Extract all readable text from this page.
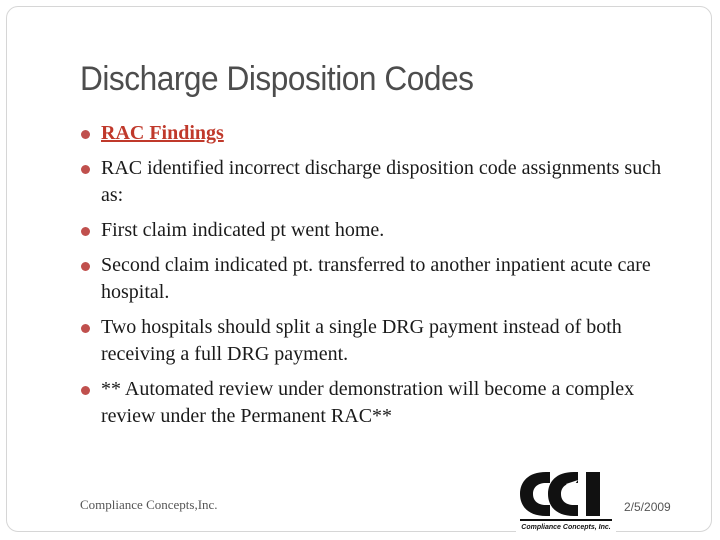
Discharge Disposition Codes
RAC Findings
RAC identified incorrect discharge disposition code assignments such as:
First claim indicated pt went home.
Second claim indicated pt. transferred to another inpatient acute care hospital.
Two hospitals should split a single DRG payment instead of both receiving a full DRG payment.
** Automated review under demonstration will become a complex review under the Permanent RAC**
Compliance Concepts,Inc.
Compliance Concepts, Inc.
2/5/2009
